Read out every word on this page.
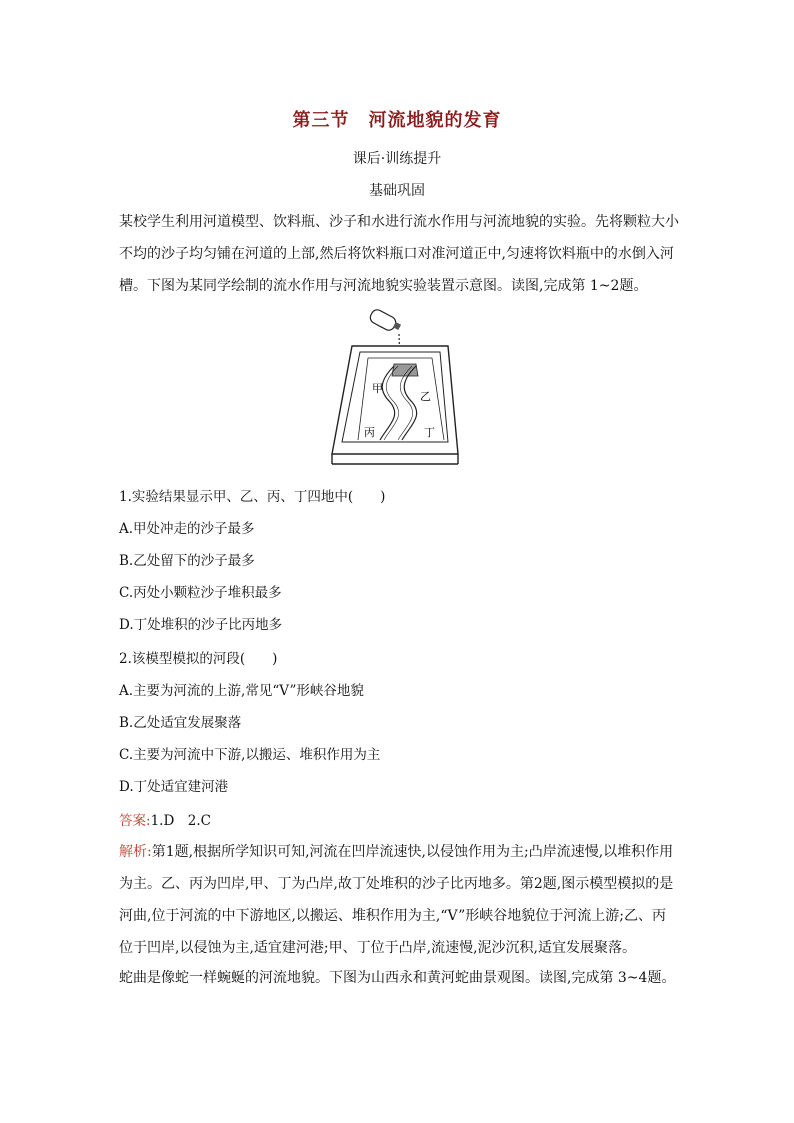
第三节　河流地貌的发育
课后·训练提升
基础巩固
某校学生利用河道模型、饮料瓶、沙子和水进行流水作用与河流地貌的实验。先将颗粒大小不均的沙子均匀铺在河道的上部,然后将饮料瓶口对准河道正中,匀速将饮料瓶中的水倒入河槽。下图为某同学绘制的流水作用与河流地貌实验装置示意图。读图,完成第 1~2题。
甲
乙
丙	丁
1.实验结果显示甲、乙、丙、丁四地中(　　)
A.甲处冲走的沙子最多
B.乙处留下的沙子最多
C.丙处小颗粒沙子堆积最多
D.丁处堆积的沙子比丙地多
2.该模型模拟的河段(　　)
A.主要为河流的上游,常见“V”形峡谷地貌
B.乙处适宜发展聚落
C.主要为河流中下游,以搬运、堆积作用为主
D.丁处适宜建河港
答案:1.D　2.C
解析:第1题,根据所学知识可知,河流在凹岸流速快,以侵蚀作用为主;凸岸流速慢,以堆积作用为主。乙、丙为凹岸,甲、丁为凸岸,故丁处堆积的沙子比丙地多。第2题,图示模型模拟的是河曲,位于河流的中下游地区,以搬运、堆积作用为主,“V”形峡谷地貌位于河流上游;乙、丙位于凹岸,以侵蚀为主,适宜建河港;甲、丁位于凸岸,流速慢,泥沙沉积,适宜发展聚落。
蛇曲是像蛇一样蜿蜒的河流地貌。下图为山西永和黄河蛇曲景观图。读图,完成第 3~4题。
